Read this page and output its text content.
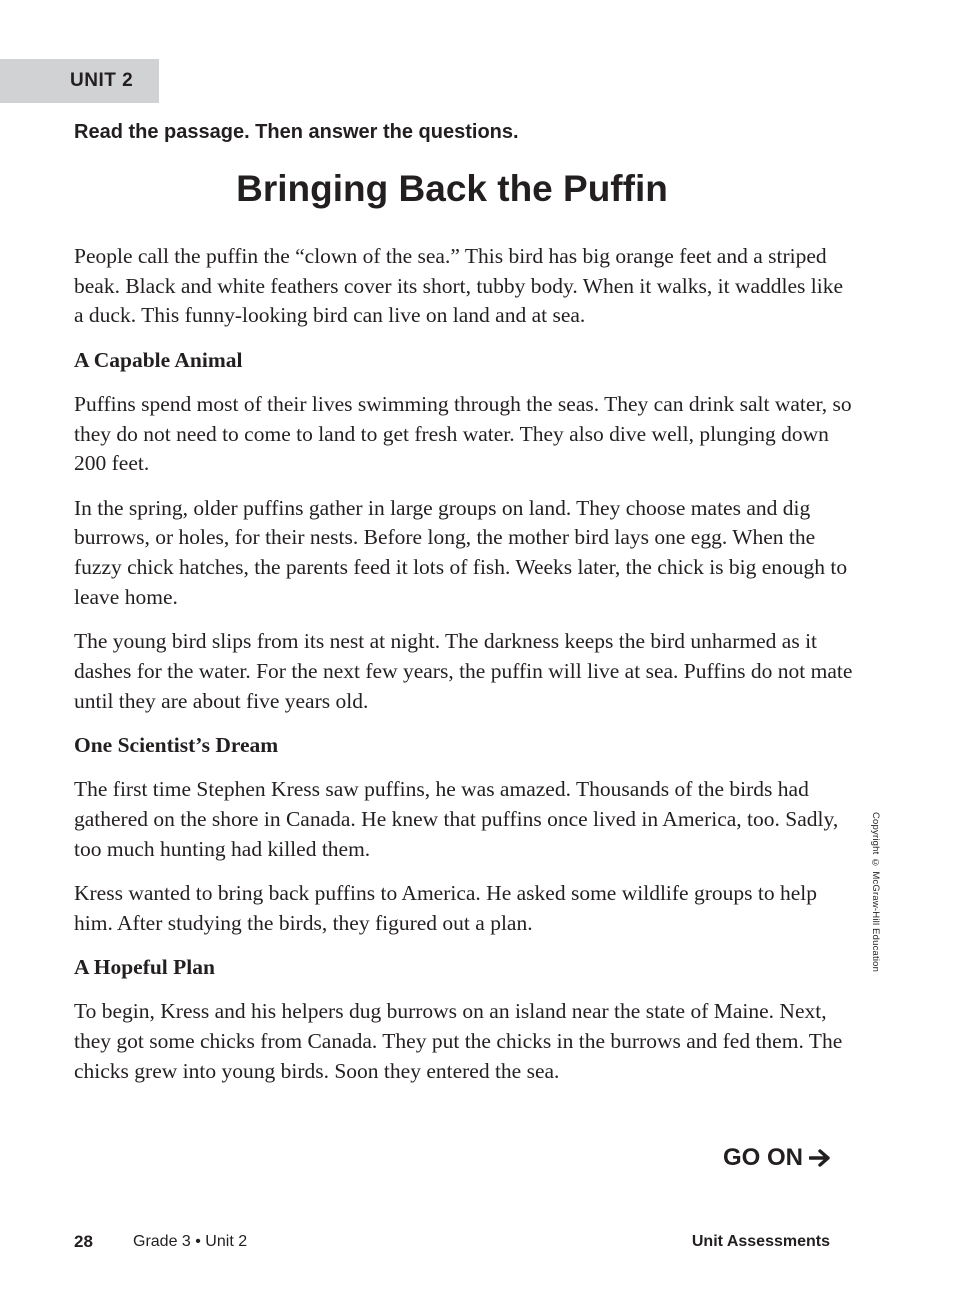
UNIT 2

Read the passage. Then answer the questions.

Bringing Back the Puffin

People call the puffin the “clown of the sea.” This bird has big orange feet and a striped beak. Black and white feathers cover its short, tubby body. When it walks, it waddles like a duck. This funny-looking bird can live on land and at sea.

A Capable Animal

Puffins spend most of their lives swimming through the seas. They can drink salt water, so they do not need to come to land to get fresh water. They also dive well, plunging down 200 feet.

In the spring, older puffins gather in large groups on land. They choose mates and dig burrows, or holes, for their nests. Before long, the mother bird lays one egg. When the fuzzy chick hatches, the parents feed it lots of fish. Weeks later, the chick is big enough to leave home.

The young bird slips from its nest at night. The darkness keeps the bird unharmed as it dashes for the water. For the next few years, the puffin will live at sea. Puffins do not mate until they are about five years old.

One Scientist’s Dream

The first time Stephen Kress saw puffins, he was amazed. Thousands of the birds had gathered on the shore in Canada. He knew that puffins once lived in America, too. Sadly, too much hunting had killed them.

Kress wanted to bring back puffins to America. He asked some wildlife groups to help him. After studying the birds, they figured out a plan.

A Hopeful Plan

To begin, Kress and his helpers dug burrows on an island near the state of Maine. Next, they got some chicks from Canada. They put the chicks in the burrows and fed them. The chicks grew into young birds. Soon they entered the sea.

GO ON
Copyright © McGraw-Hill Education
28	Grade 3 • Unit 2	Unit Assessments
